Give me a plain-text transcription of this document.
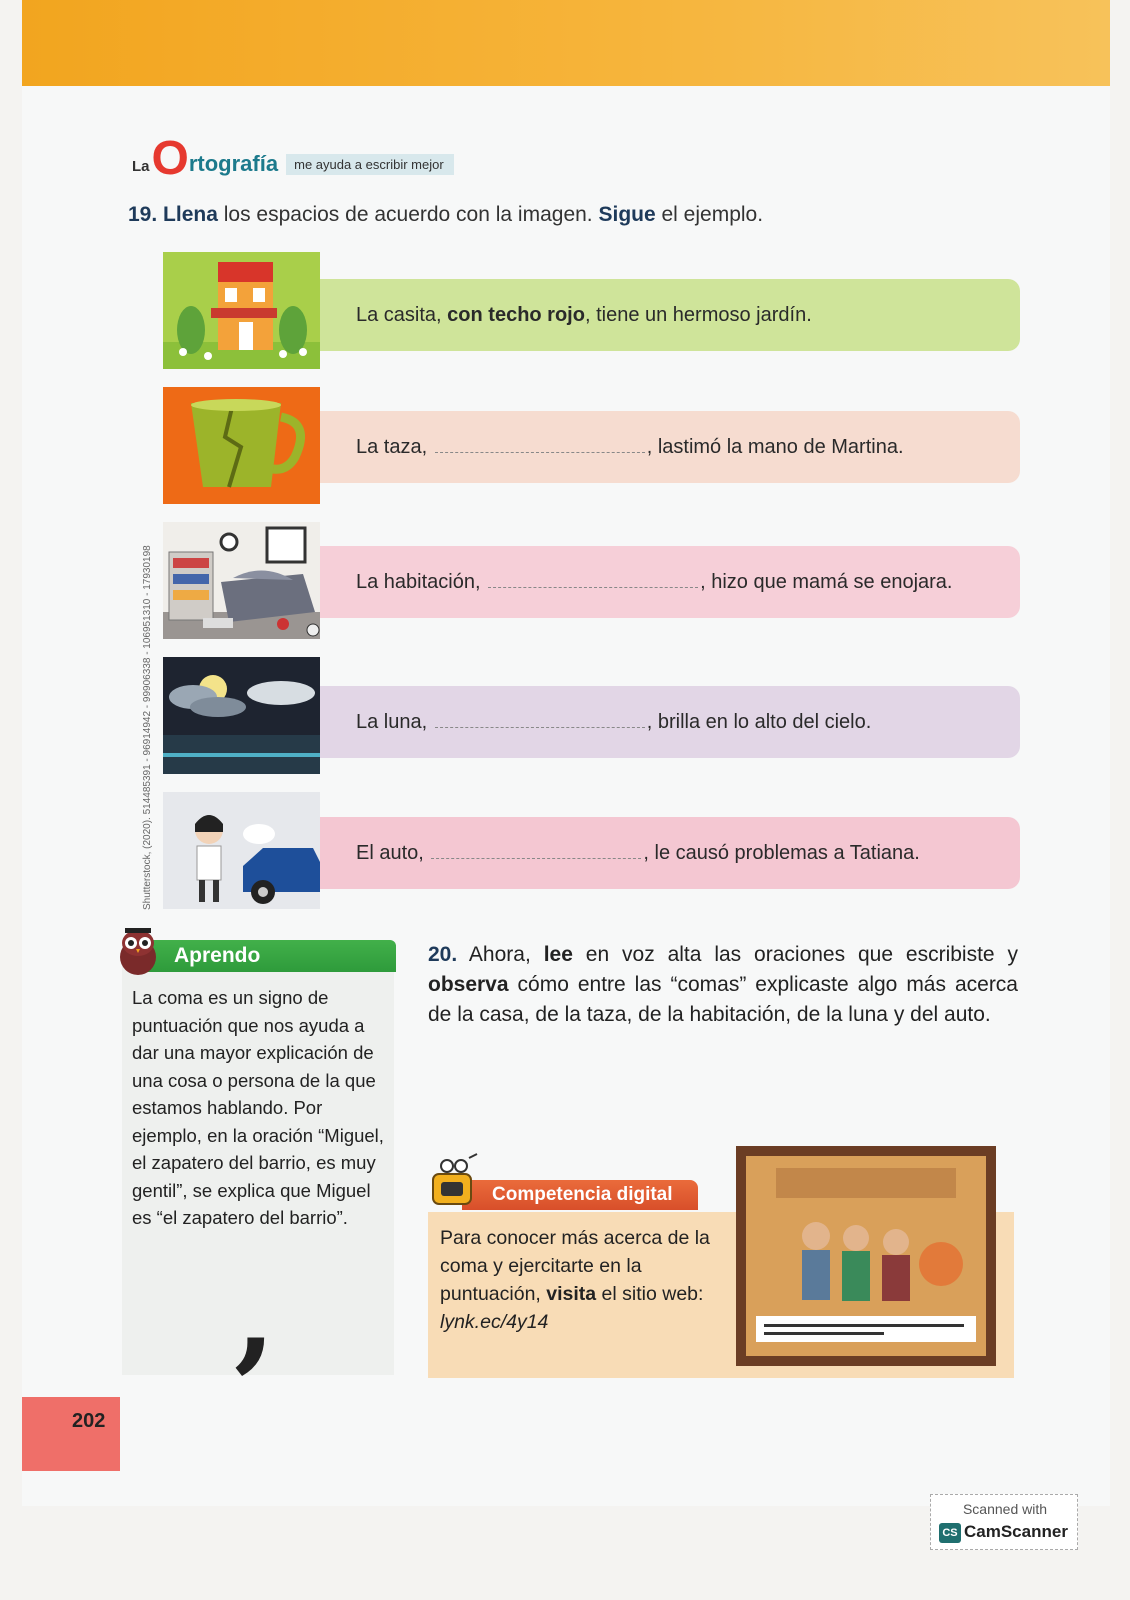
La O rtografía	me ayuda a escribir mejor
19. Llena los espacios de acuerdo con la imagen. Sigue el ejemplo.
La casita, con techo rojo, tiene un hermoso jardín.
La taza,	, lastimó la mano de Martina.
La habitación,	, hizo que mamá se enojara.
La luna,	, brilla en lo alto del cielo.
El auto,	, le causó problemas a Tatiana.
Shutterstock, (2020). 514485391 - 96914942 - 99906338 - 106951310 - 17930198
Aprendo
La coma es un signo de puntuación que nos ayuda a dar una mayor explicación de una cosa o persona de la que estamos hablando. Por ejemplo, en la oración “Miguel, el zapatero del barrio, es muy gentil”, se explica que Miguel es “el zapatero del barrio”.
,
20. Ahora, lee en voz alta las oraciones que escribiste y observa cómo entre las “comas” explicaste algo más acerca de la casa, de la taza, de la habitación, de la luna y del auto.
Competencia digital
Para conocer más acerca de la coma y ejercitarte en la puntuación, visita el sitio web:
lynk.ec/4y14
202
Scanned with
CS CamScanner
